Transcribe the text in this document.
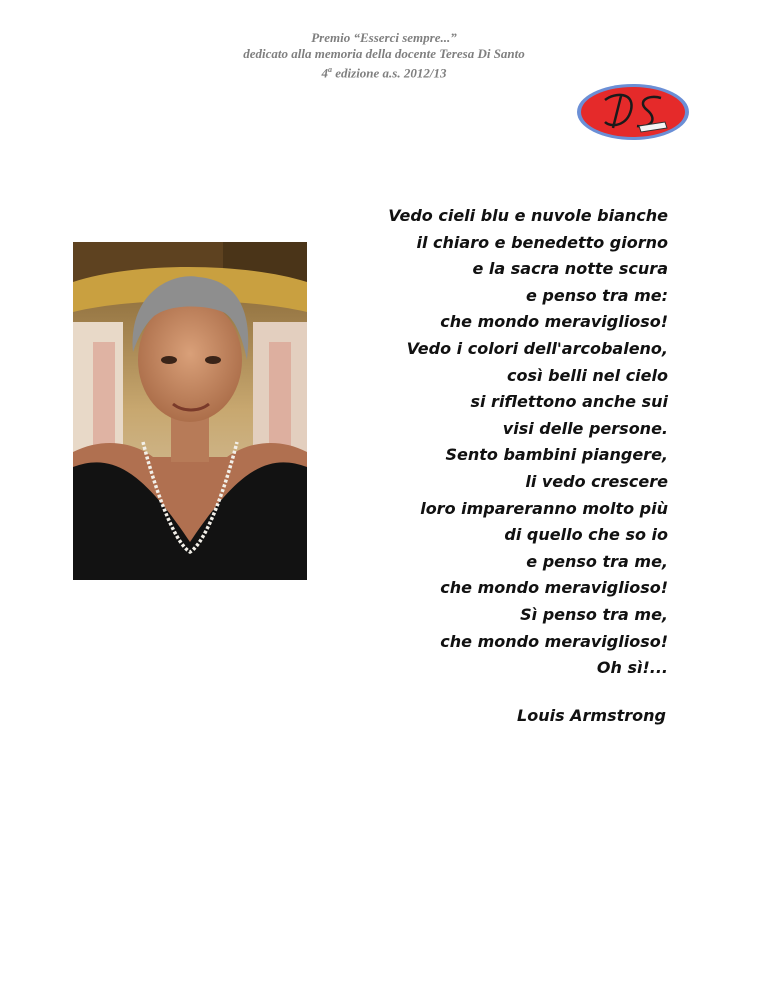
Premio “Esserci sempre...”
dedicato alla memoria della docente Teresa Di Santo
4$^a$ edizione a.s. 2012/13
Vedo cieli blu e nuvole bianche
il chiaro e benedetto giorno
e la sacra notte scura
e penso tra me:
che mondo meraviglioso!
Vedo i colori dell'arcobaleno,
così belli nel cielo
si riflettono anche sui
visi delle persone.
Sento bambini piangere,
li vedo crescere
loro impareranno molto più
di quello che so io
e penso tra me,
che mondo meraviglioso!
Sì penso tra me,
che mondo meraviglioso!
Oh sì!...
Louis Armstrong
